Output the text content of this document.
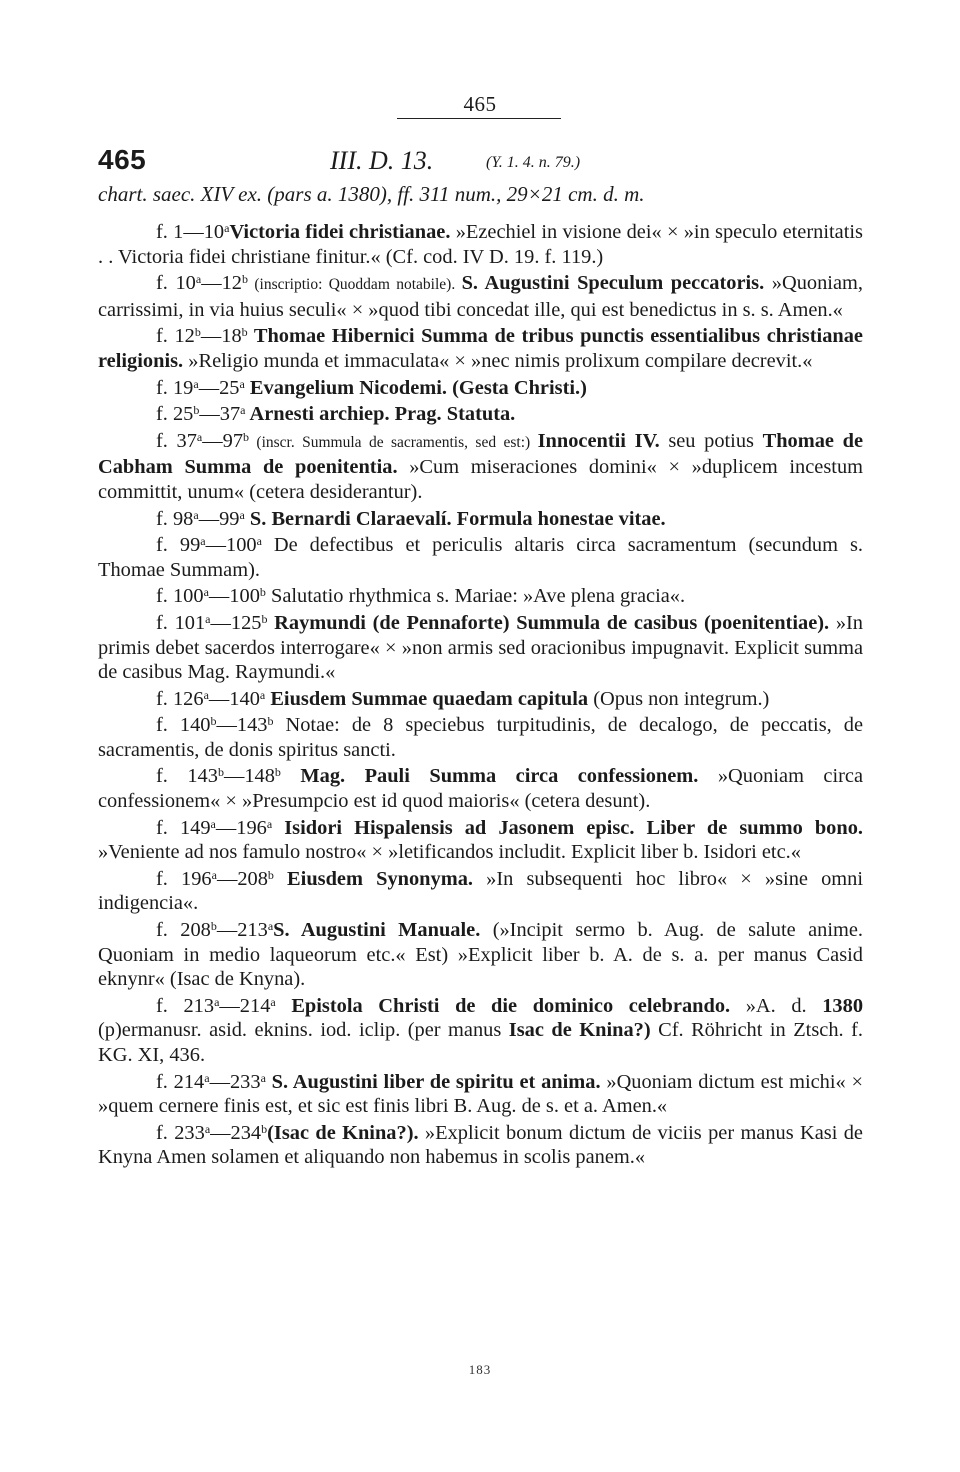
465
465	III. D. 13.	(Y. 1. 4. n. 79.)
chart. saec. XIV ex. (pars a. 1380), ff. 311 num., 29×21 cm. d. m.

f. 1—10$^a$Victoria fidei christianae. »Ezechiel in visione dei« × »in speculo eternitatis . . Victoria fidei christiane finitur.« (Cf. cod. IV D. 19. f. 119.)

f. 10$^a$—12$^b$ (inscriptio: Quoddam notabile). S. Augustini Speculum peccatoris. »Quoniam, carrissimi, in via huius seculi« × »quod tibi concedat ille, qui est benedictus in s. s. Amen.«

f. 12$^b$—18$^b$ Thomae Hibernici Summa de tribus punctis essentialibus christianae religionis. »Religio munda et immaculata« × »nec nimis prolixum compilare decrevit.«

f. 19$^a$—25$^a$ Evangelium Nicodemi. (Gesta Christi.)

f. 25$^b$—37$^a$ Arnesti archiep. Prag. Statuta.

f. 37$^a$—97$^b$ (inscr. Summula de sacramentis, sed est:) Innocentii IV. seu potius Thomae de Cabham Summa de poenitentia. »Cum miseraciones domini« × »duplicem incestum committit, unum« (cetera desiderantur).

f. 98$^a$—99$^a$ S. Bernardi Claraevalí. Formula honestae vitae.

f. 99$^a$—100$^a$ De defectibus et periculis altaris circa sacramentum (secundum s. Thomae Summam).

f. 100$^a$—100$^b$ Salutatio rhythmica s. Mariae: »Ave plena gracia«.

f. 101$^a$—125$^b$ Raymundi (de Pennaforte) Summula de casibus (poenitentiae). »In primis debet sacerdos interrogare« × »non armis sed oracionibus impugnavit. Explicit summa de casibus Mag. Raymundi.«

f. 126$^a$—140$^a$ Eiusdem Summae quaedam capitula (Opus non integrum.)

f. 140$^b$—143$^b$ Notae: de 8 speciebus turpitudinis, de decalogo, de peccatis, de sacramentis, de donis spiritus sancti.

f. 143$^b$—148$^b$ Mag. Pauli Summa circa confessionem. »Quoniam circa confessionem« × »Presumpcio est id quod maioris« (cetera desunt).

f. 149$^a$—196$^a$ Isidori Hispalensis ad Jasonem episc. Liber de summo bono. »Veniente ad nos famulo nostro« × »letificandos includit. Explicit liber b. Isidori etc.«

f. 196$^a$—208$^b$ Eiusdem Synonyma. »In subsequenti hoc libro« × »sine omni indigencia«.

f. 208$^b$—213$^a$S. Augustini Manuale. (»Incipit sermo b. Aug. de salute anime. Quoniam in medio laqueorum etc.« Est) »Explicit liber b. A. de s. a. per manus Casid eknynr« (Isac de Knyna).

f. 213$^a$—214$^a$ Epistola Christi de die dominico celebrando. »A. d. 1380 (p)ermanusr. asid. eknins. iod. iclip. (per manus Isac de Knina?) Cf. Röhricht in Ztsch. f. KG. XI, 436.

f. 214$^a$—233$^a$ S. Augustini liber de spiritu et anima. »Quoniam dictum est michi« × »quem cernere finis est, et sic est finis libri B. Aug. de s. et a. Amen.«

f. 233$^a$—234$^b$(Isac de Knina?). »Explicit bonum dictum de viciis per manus Kasi de Knyna Amen solamen et aliquando non habemus in scolis panem.«

183
